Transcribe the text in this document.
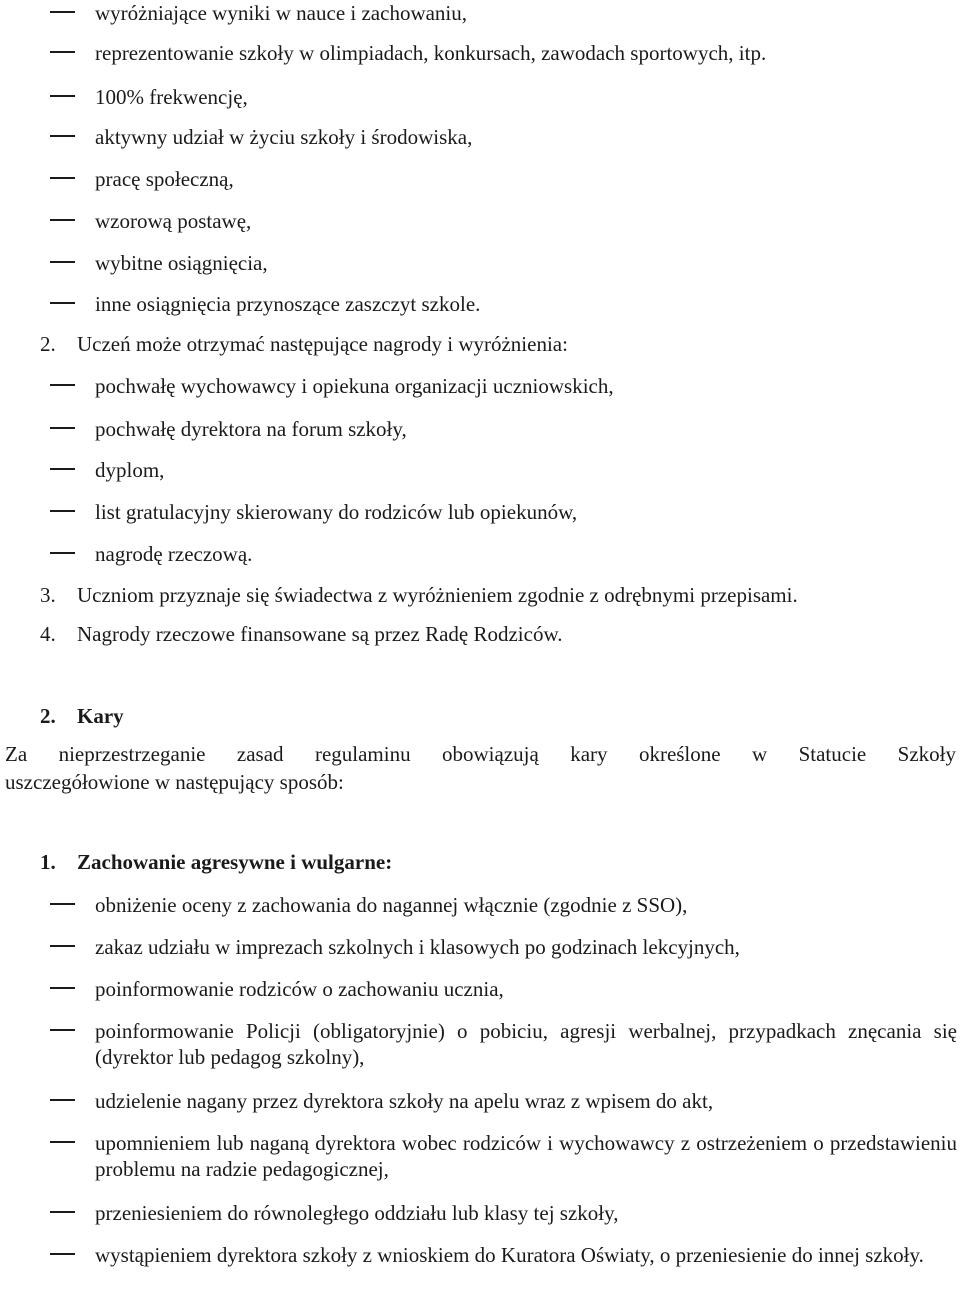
wyróżniające wyniki w nauce i zachowaniu,
reprezentowanie szkoły w olimpiadach, konkursach, zawodach sportowych, itp.
100% frekwencję,
aktywny udział w życiu szkoły i środowiska,
pracę społeczną,
wzorową postawę,
wybitne osiągnięcia,
inne osiągnięcia przynoszące zaszczyt szkole.
2. Uczeń może otrzymać następujące nagrody i wyróżnienia:
pochwałę wychowawcy i opiekuna organizacji uczniowskich,
pochwałę dyrektora na forum szkoły,
dyplom,
list gratulacyjny skierowany do rodziców lub opiekunów,
nagrodę rzeczową.
3. Uczniom przyznaje się świadectwa z wyróżnieniem zgodnie z odrębnymi przepisami.
4. Nagrody rzeczowe finansowane są przez Radę Rodziców.
2. Kary
Za nieprzestrzeganie zasad regulaminu obowiązują kary określone w Statucie Szkoły
uszczegółowione w następujący sposób:
1. Zachowanie agresywne i wulgarne:
obniżenie oceny z zachowania do nagannej włącznie (zgodnie z SSO),
zakaz udziału w imprezach szkolnych i klasowych po godzinach lekcyjnych,
poinformowanie rodziców o zachowaniu ucznia,
poinformowanie Policji (obligatoryjnie) o pobiciu, agresji werbalnej, przypadkach znęcania się (dyrektor lub pedagog szkolny),
udzielenie nagany przez dyrektora szkoły na apelu wraz z wpisem do akt,
upomnieniem lub naganą dyrektora wobec rodziców i wychowawcy z ostrzeżeniem o przedstawieniu problemu na radzie pedagogicznej,
przeniesieniem do równoległego oddziału lub klasy tej szkoły,
wystąpieniem dyrektora szkoły z wnioskiem do Kuratora Oświaty, o przeniesienie do innej szkoły.
